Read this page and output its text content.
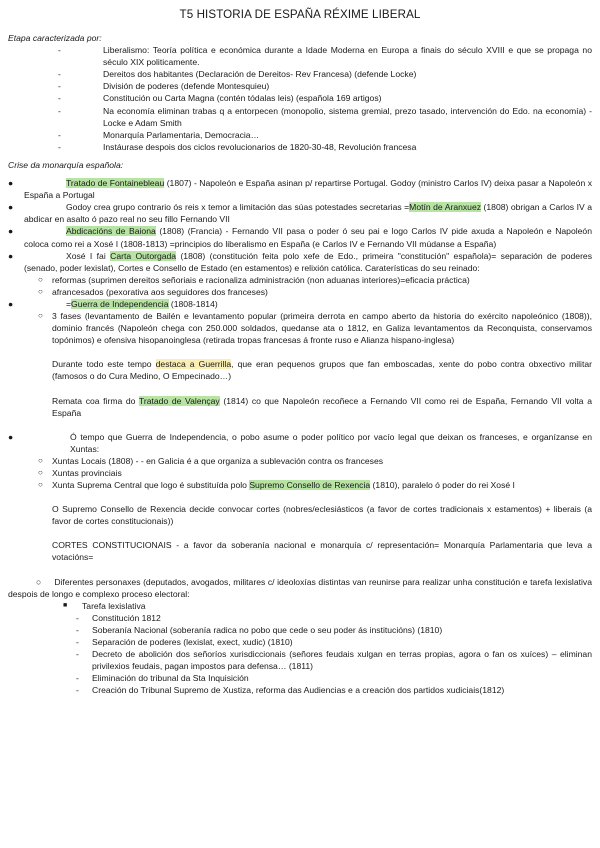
T5 HISTORIA DE ESPAÑA RÉXIME LIBERAL

Etapa caracterizada por:

- Liberalismo: Teoría política e económica durante a Idade Moderna en Europa a finais do século XVIII e que se propaga no século XIX politicamente.
- Dereitos dos habitantes (Declaración de Dereitos- Rev Francesa) (defende Locke)
- División de poderes (defende Montesquieu)
- Constitución ou Carta Magna (contén tódalas leis) (española 169 artigos)
- Na economía eliminan trabas q a entorpecen (monopolio, sistema gremial, prezo tasado, intervención do Edo. na economía) - Locke e Adam Smith
- Monarquía Parlamentaria, Democracia…
- Instáurase despois dos ciclos revolucionarios de 1820-30-48, Revolución francesa

Crise da monarquía española:

●	Tratado de Fontainebleau (1807) - Napoleón e España asinan p/ repartirse Portugal. Godoy (ministro Carlos IV) deixa pasar a Napoleón x España a Portugal

●	Godoy crea grupo contrario ós reis x temor a limitación das súas potestades secretarias =Motín de Aranxuez (1808) obrigan a Carlos IV a abdicar en asalto ó pazo real no seu fillo Fernando VII

●	Abdicacións de Baiona (1808) (Francia) - Fernando VII pasa o poder ó seu pai e logo Carlos IV pide axuda a Napoleón e Napoleón coloca como rei a Xosé I (1808-1813) =principios do liberalismo en España (e Carlos IV e Fernando VII múdanse a España)

●	Xosé I fai Carta Outorgada (1808) (constitución feita polo xefe de Edo., primeira "constitución" española)= separación de poderes (senado, poder lexislat), Cortes e Consello de Estado (en estamentos) e relixión católica. Caraterísticas do seu reinado:

○ reformas (suprimen dereitos señoriais e racionaliza administración (non aduanas interiores)=eficacia práctica)

○ afrancesados (pexorativa aos seguidores dos franceses)

●	=Guerra de Independencia (1808-1814)

○ 3 fases (levantamento de Bailén e levantamento popular (primeira derrota en campo aberto da historia do exército napoleónico (1808)), dominio francés (Napoleón chega con 250.000 soldados, quedanse ata o 1812, en Galiza levantamentos da Reconquista, conservamos topónimos) e ofensiva hisopanoinglesa (retirada tropas francesas á fronte ruso e Alianza hispano-inglesa)

Durante todo este tempo destaca a Guerrilla, que eran pequenos grupos que fan emboscadas, xente do pobo contra obxectivo militar (famosos o do Cura Medino, O Empecinado…)

Remata coa firma do Tratado de Valençay (1814) co que Napoleón recoñece a Fernando VII como rei de España, Fernando VII volta a España

●	Ó tempo que Guerra de Independencia, o pobo asume o poder político por vacío legal que deixan os franceses, e organízanse en Xuntas:

○ Xuntas Locais (1808) - - en Galicia é a que organiza a sublevación contra os franceses

○ Xuntas provinciais

○ Xunta Suprema Central que logo é substituída polo Supremo Consello de Rexencia (1810), paralelo ó poder do rei Xosé I

O Supremo Consello de Rexencia decide convocar cortes (nobres/eclesiásticos (a favor de cortes tradicionais x estamentos) + liberais (a favor de cortes constitucionais))

CORTES CONSTITUCIONAIS - a favor da soberanía nacional e monarquía c/ representación= Monarquía Parlamentaria que leva a votacións=

○ Diferentes personaxes (deputados, avogados, militares c/ ideoloxías distintas van reunirse para realizar unha constitución e tarefa lexislativa despois de longo e complexo proceso electoral:

■ Tarefa lexislativa

- Constitución 1812

- Soberanía Nacional (soberanía radica no pobo que cede o seu poder ás institucións) (1810)

- Separación de poderes (lexislat, exect, xudic) (1810)

- Decreto de abolición dos señoríos xurisdiccionais (señores feudais xulgan en terras propias, agora o fan os xuíces) – eliminan privilexios feudais, pagan impostos para defensa… (1811)

- Eliminación do tribunal da Sta Inquisición

- Creación do Tribunal Supremo de Xustiza, reforma das Audiencias e a creación dos partidos xudiciais(1812)
